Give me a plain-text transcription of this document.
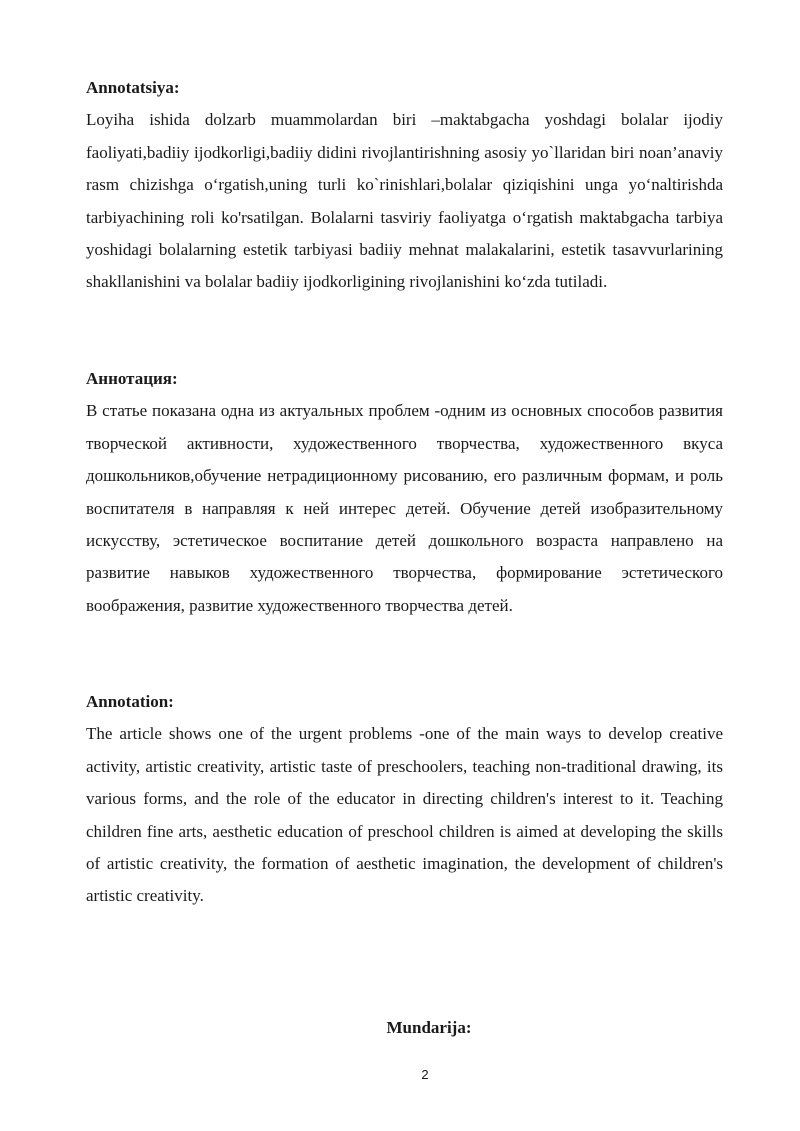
Annotatsiya:

Loyiha ishida dolzarb muammolardan biri –maktabgacha yoshdagi bolalar ijodiy faoliyati,badiiy ijodkorligi,badiiy didini rivojlantirishning asosiy yo`llaridan biri noan’anaviy rasm chizishga oʻrgatish,uning turli ko`rinishlari,bolalar qiziqishini unga yoʻnaltirishda tarbiyachining roli ko'rsatilgan. Bolalarni tasviriy faoliyatga oʻrgatish maktabgacha tarbiya yoshidagi bolalarning estetik tarbiyasi badiiy mehnat malakalarini, estetik tasavvurlarining shakllanishini va bolalar badiiy ijodkorligining rivojlanishini koʻzda tutiladi.

Аннотация:

В статье показана одна из актуальных проблем -одним из основных способов развития творческой активности, художественного творчества, художественного вкуса дошкольников,обучение нетрадиционному рисованию, его различным формам, и роль воспитателя в направляя к ней интерес детей. Обучение детей изобразительному искусству, эстетическое воспитание детей дошкольного возраста направлено на развитие навыков художественного творчества, формирование эстетического воображения, развитие художественного творчества детей.

Annotation:

The article shows one of the urgent problems -one of the main ways to develop creative activity, artistic creativity, artistic taste of preschoolers, teaching non-traditional drawing, its various forms, and the role of the educator in directing children's interest to it. Teaching children fine arts, aesthetic education of preschool children is aimed at developing the skills of artistic creativity, the formation of aesthetic imagination, the development of children's artistic creativity.

Mundarija:

2
